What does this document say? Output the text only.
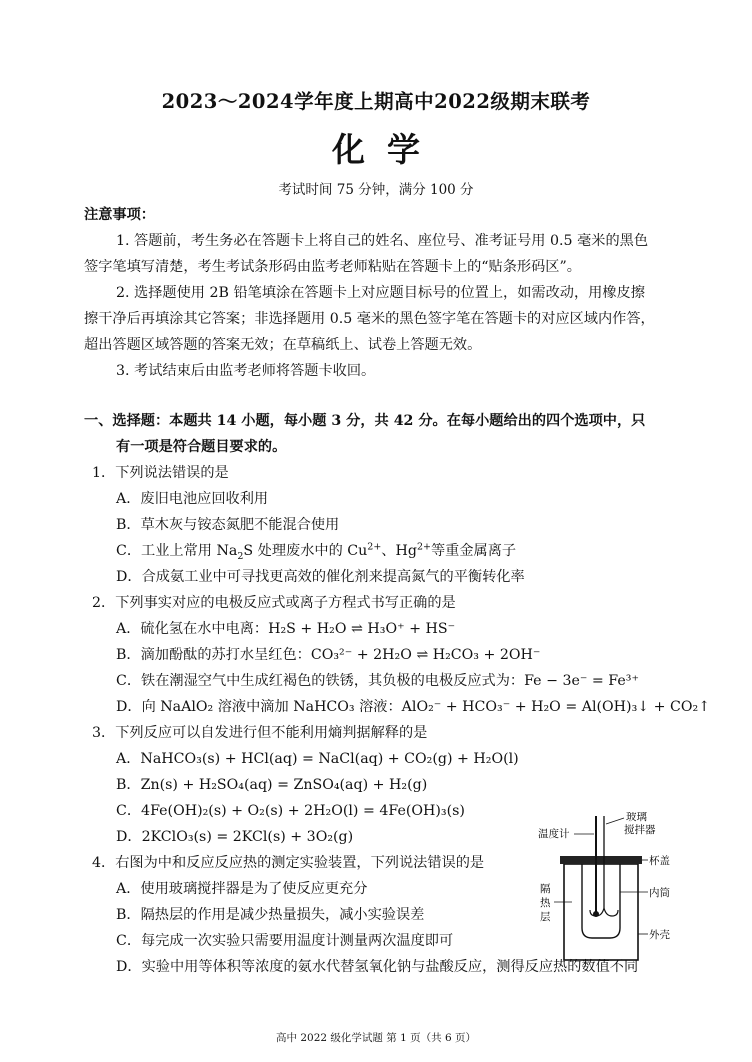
2023～2024学年度上期高中2022级期末联考
化学
考试时间 75 分钟，满分 100 分
注意事项：
1. 答题前，考生务必在答题卡上将自己的姓名、座位号、准考证号用 0.5 毫米的黑色
签字笔填写清楚，考生考试条形码由监考老师粘贴在答题卡上的“贴条形码区”。
2. 选择题使用 2B 铅笔填涂在答题卡上对应题目标号的位置上，如需改动，用橡皮擦
擦干净后再填涂其它答案；非选择题用 0.5 毫米的黑色签字笔在答题卡的对应区域内作答，
超出答题区域答题的答案无效；在草稿纸上、试卷上答题无效。
3. 考试结束后由监考老师将答题卡收回。
一、选择题：本题共 14 小题，每小题 3 分，共 42 分。在每小题给出的四个选项中，只
有一项是符合题目要求的。
1．下列说法错误的是
A．废旧电池应回收利用
B．草木灰与铵态氮肥不能混合使用
C．工业上常用 $Na_2S$ 处理废水中的 $Cu^{2+}$、$Hg^{2+}$等重金属离子
D．合成氨工业中可寻找更高效的催化剂来提高氮气的平衡转化率
2．下列事实对应的电极反应式或离子方程式书写正确的是
A．硫化氢在水中电离：H₂S + H₂O ⇌ H₃O⁺ + HS⁻
B．滴加酚酞的苏打水呈红色：CO₃²⁻ + 2H₂O ⇌ H₂CO₃ + 2OH⁻
C．铁在潮湿空气中生成红褐色的铁锈，其负极的电极反应式为：Fe − 3e⁻ = Fe³⁺
D．向 NaAlO₂ 溶液中滴加 NaHCO₃ 溶液：AlO₂⁻ + HCO₃⁻ + H₂O = Al(OH)₃↓ + CO₂↑
3．下列反应可以自发进行但不能利用熵判据解释的是
A．NaHCO₃(s) + HCl(aq) = NaCl(aq) + CO₂(g) + H₂O(l)
B．Zn(s) + H₂SO₄(aq) = ZnSO₄(aq) + H₂(g)
C．4Fe(OH)₂(s) + O₂(s) + 2H₂O(l) = 4Fe(OH)₃(s)
D．2KClO₃(s) = 2KCl(s) + 3O₂(g)
4．右图为中和反应反应热的测定实验装置，下列说法错误的是
A．使用玻璃搅拌器是为了使反应更充分
B．隔热层的作用是减少热量损失，减小实验误差
C．每完成一次实验只需要用温度计测量两次温度即可
D．实验中用等体积等浓度的氨水代替氢氧化钠与盐酸反应，测得反应热的数值不同
温度计
玻璃
搅拌器
杯盖
内筒
外壳
隔
热
层
高中 2022 级化学试题 第 1 页（共 6 页）
